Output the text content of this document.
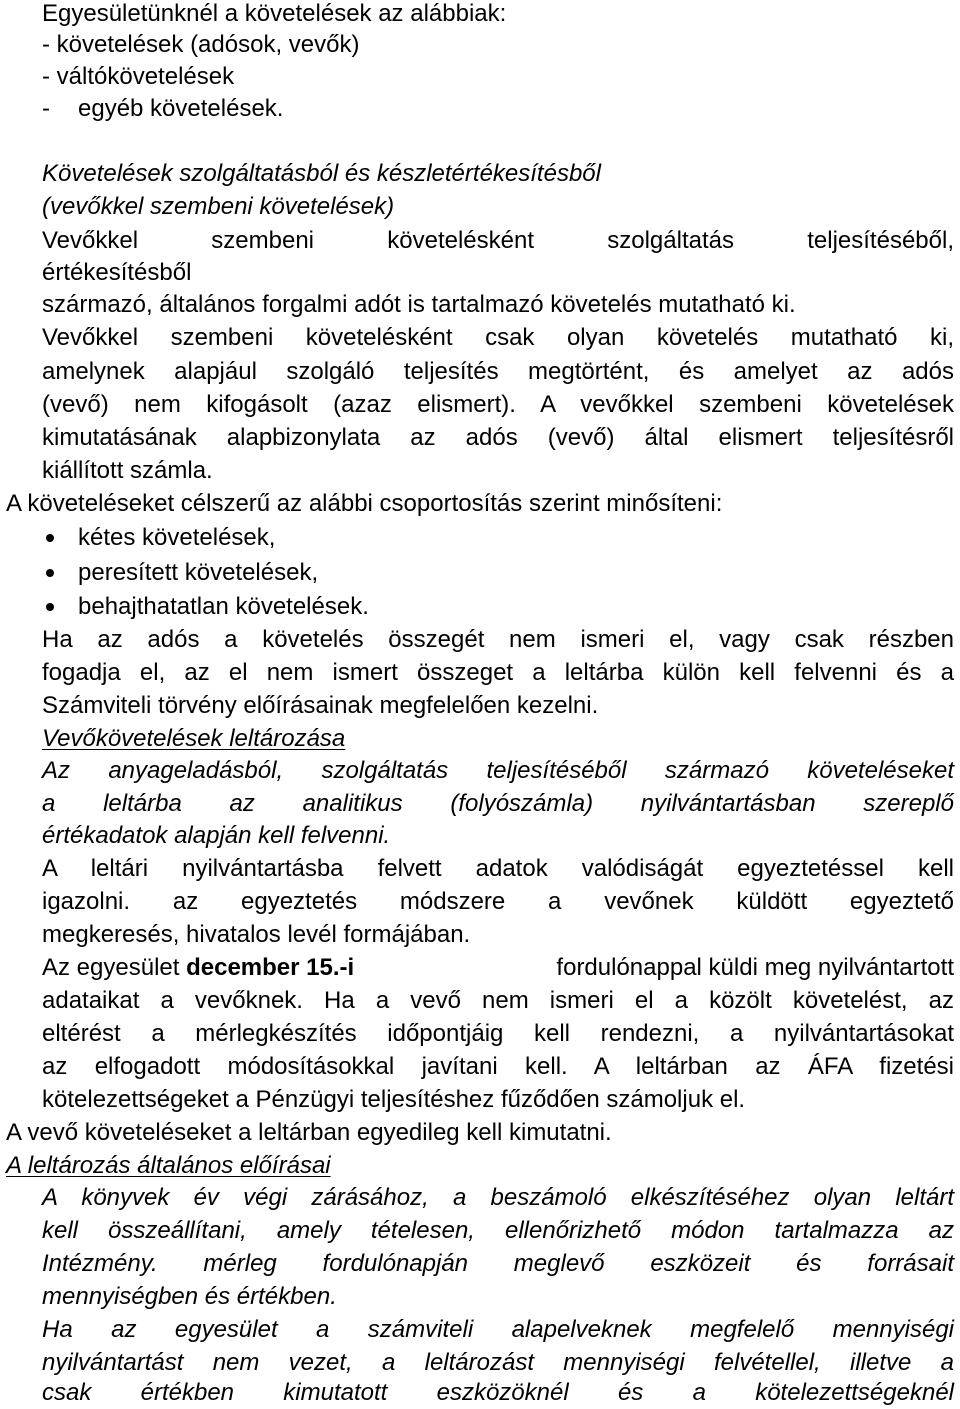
Egyesületünknél a követelések az alábbiak:
- követelések (adósok, vevők)
- váltókövetelések
- egyéb követelések.
Követelések szolgáltatásból és készletértékesítésből
(vevőkkel szembeni követelések)
Vevőkkel szembeni követelésként szolgáltatás teljesítéséből,
értékesítésből
származó, általános forgalmi adót is tartalmazó követelés mutatható ki.
Vevőkkel szembeni követelésként csak olyan követelés mutatható ki,
amelynek alapjául szolgáló teljesítés megtörtént, és amelyet az adós
(vevő) nem kifogásolt (azaz elismert). A vevőkkel szembeni követelések
kimutatásának alapbizonylata az adós (vevő) által elismert teljesítésről
kiállított számla.
A követeléseket célszerű az alábbi csoportosítás szerint minősíteni:
kétes követelések,
peresített követelések,
behajthatatlan követelések.
Ha az adós a követelés összegét nem ismeri el, vagy csak részben
fogadja el, az el nem ismert összeget a leltárba külön kell felvenni és a
Számviteli törvény előírásainak megfelelően kezelni.
Vevőkövetelések leltározása
Az anyageladásból, szolgáltatás teljesítéséből származó követeléseket
a leltárba az analitikus (folyószámla) nyilvántartásban szereplő
értékadatok alapján kell felvenni.
A leltári nyilvántartásba felvett adatok valódiságát egyeztetéssel kell
igazolni. az egyeztetés módszere a vevőnek küldött egyeztető
megkeresés, hivatalos levél formájában.
Az egyesület december 15.-i	fordulónappal küldi meg nyilvántartott
adataikat a vevőknek. Ha a vevő nem ismeri el a közölt követelést, az
eltérést a mérlegkészítés időpontjáig kell rendezni, a nyilvántartásokat
az elfogadott módosításokkal javítani kell. A leltárban az ÁFA fizetési
kötelezettségeket a Pénzügyi teljesítéshez fűződően számoljuk el.
A vevő követeléseket a leltárban egyedileg kell kimutatni.
A leltározás általános előírásai
A könyvek év végi zárásához, a beszámoló elkészítéséhez olyan leltárt
kell összeállítani, amely tételesen, ellenőrizhető módon tartalmazza az
Intézmény. mérleg fordulónapján meglevő eszközeit és forrásait
mennyiségben és értékben.
Ha az egyesület a számviteli alapelveknek megfelelő mennyiségi
nyilvántartást nem vezet, a leltározást mennyiségi felvétellel, illetve a
csak értékben kimutatott eszközöknél és a kötelezettségeknél
